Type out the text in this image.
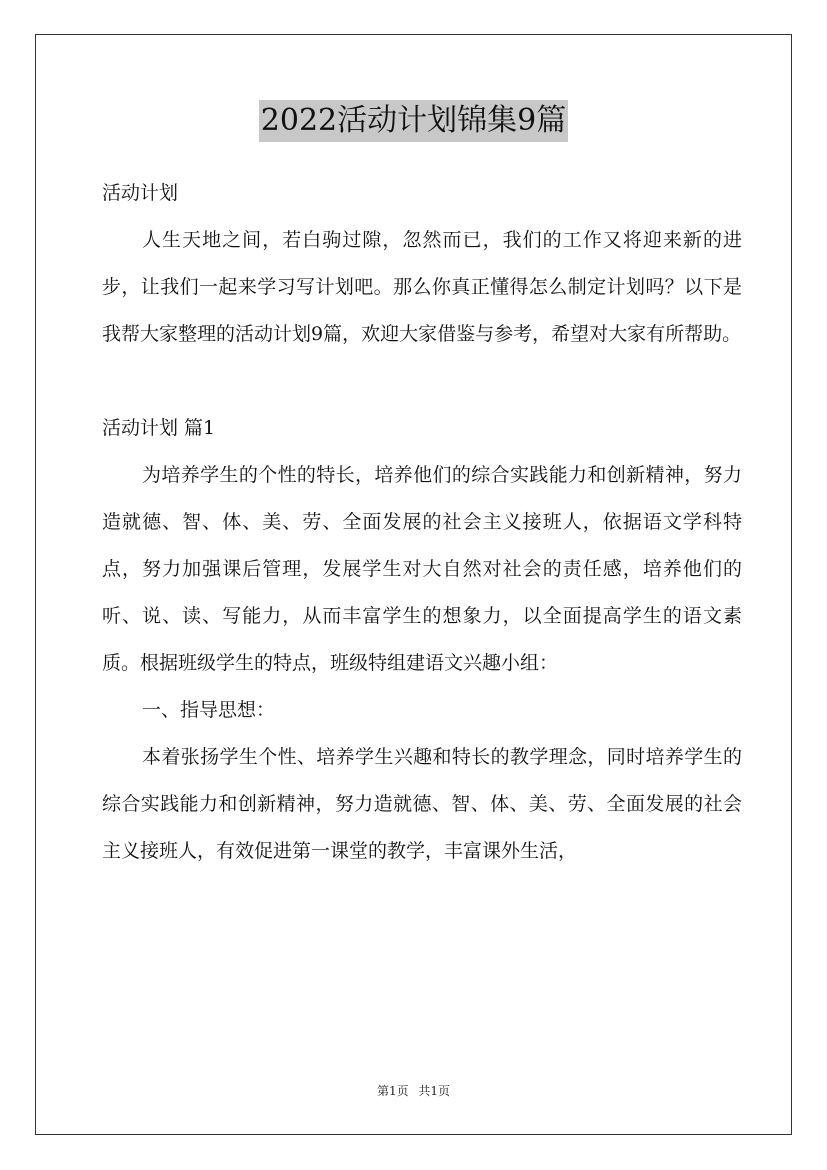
2022活动计划锦集9篇

活动计划

人生天地之间，若白驹过隙，忽然而已，我们的工作又将迎来新的进步，让我们一起来学习写计划吧。那么你真正懂得怎么制定计划吗？以下是我帮大家整理的活动计划9篇，欢迎大家借鉴与参考，希望对大家有所帮助。

活动计划 篇1

为培养学生的个性的特长，培养他们的综合实践能力和创新精神，努力造就德、智、体、美、劳、全面发展的社会主义接班人，依据语文学科特点，努力加强课后管理，发展学生对大自然对社会的责任感，培养他们的听、说、读、写能力，从而丰富学生的想象力，以全面提高学生的语文素质。根据班级学生的特点，班级特组建语文兴趣小组：

一、指导思想：

本着张扬学生个性、培养学生兴趣和特长的教学理念，同时培养学生的综合实践能力和创新精神，努力造就德、智、体、美、劳、全面发展的社会主义接班人，有效促进第一课堂的教学，丰富课外生活，

第1页 共1页
